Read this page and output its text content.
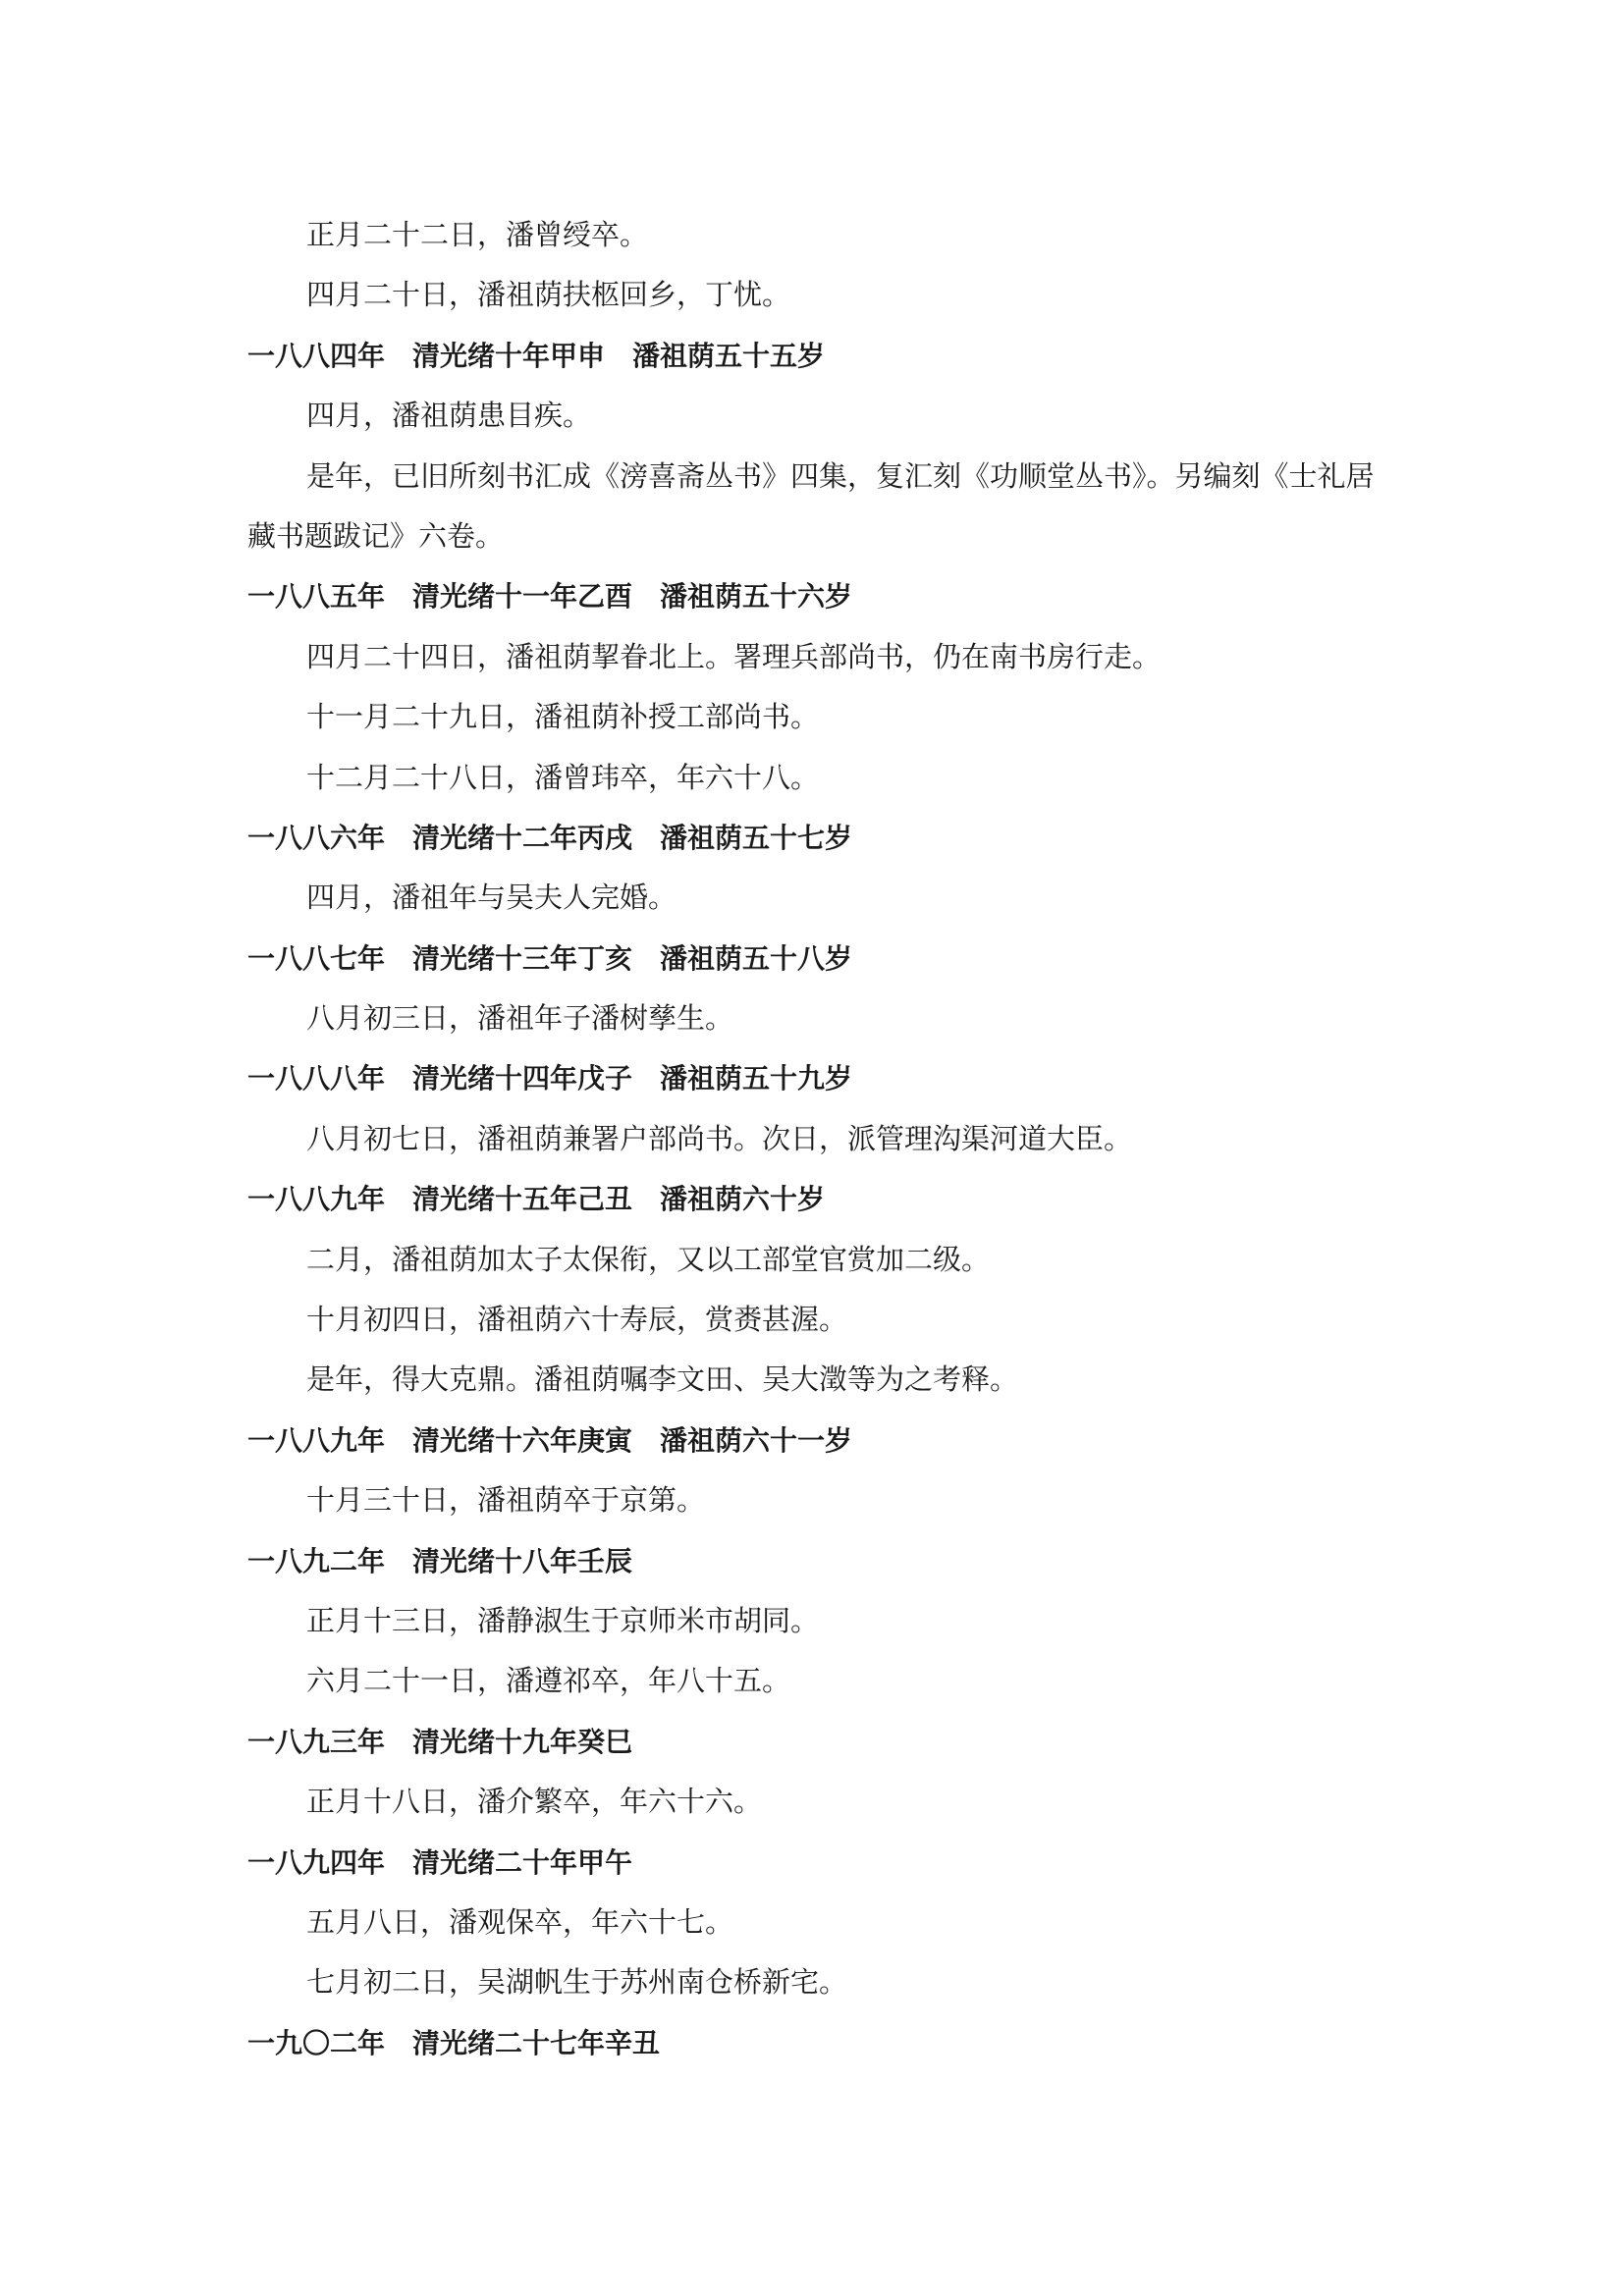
正月二十二日，潘曾绶卒。
四月二十日，潘祖荫扶柩回乡，丁忧。
一八八四年 清光绪十年甲申 潘祖荫五十五岁
四月，潘祖荫患目疾。
是年，已旧所刻书汇成《滂喜斋丛书》四集，复汇刻《功顺堂丛书》。另编刻《士礼居
藏书题跋记》六卷。
一八八五年 清光绪十一年乙酉 潘祖荫五十六岁
四月二十四日，潘祖荫挈眷北上。署理兵部尚书，仍在南书房行走。
十一月二十九日，潘祖荫补授工部尚书。
十二月二十八日，潘曾玮卒，年六十八。
一八八六年 清光绪十二年丙戌 潘祖荫五十七岁
四月，潘祖年与吴夫人完婚。
一八八七年 清光绪十三年丁亥 潘祖荫五十八岁
八月初三日，潘祖年子潘树孳生。
一八八八年 清光绪十四年戊子 潘祖荫五十九岁
八月初七日，潘祖荫兼署户部尚书。次日，派管理沟渠河道大臣。
一八八九年 清光绪十五年己丑 潘祖荫六十岁
二月，潘祖荫加太子太保衔，又以工部堂官赏加二级。
十月初四日，潘祖荫六十寿辰，赏赉甚渥。
是年，得大克鼎。潘祖荫嘱李文田、吴大澂等为之考释。
一八八九年 清光绪十六年庚寅 潘祖荫六十一岁
十月三十日，潘祖荫卒于京第。
一八九二年 清光绪十八年壬辰
正月十三日，潘静淑生于京师米市胡同。
六月二十一日，潘遵祁卒，年八十五。
一八九三年 清光绪十九年癸巳
正月十八日，潘介繁卒，年六十六。
一八九四年 清光绪二十年甲午
五月八日，潘观保卒，年六十七。
七月初二日，吴湖帆生于苏州南仓桥新宅。
一九〇二年 清光绪二十七年辛丑
